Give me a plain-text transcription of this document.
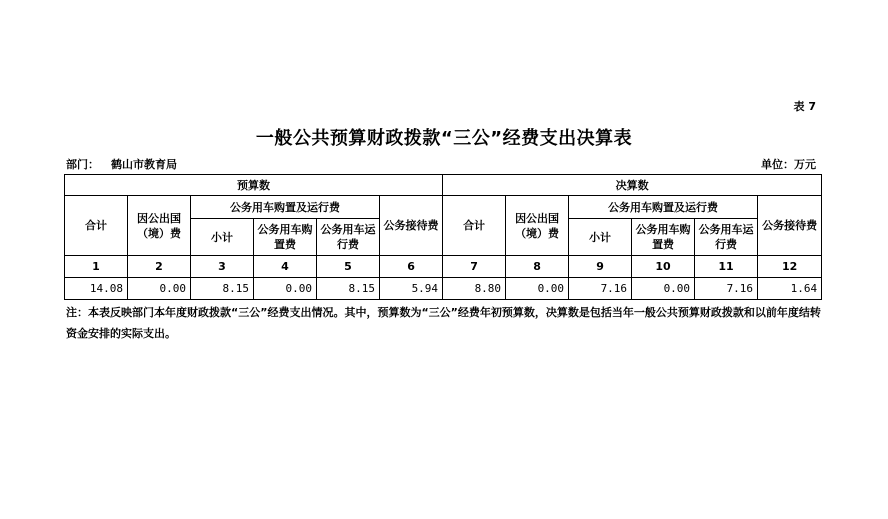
表 7
一般公共预算财政拨款“三公”经费支出决算表
部门： 鹤山市教育局	单位：万元
预算数						决算数					
合计	因公出国（境）费	公务用车购置及运行费			公务接待费	合计	因公出国（境）费	公务用车购置及运行费			公务接待费
		小计	公务用车购置费	公务用车运行费				小计	公务用车购置费	公务用车运行费	
1	2	3	4	5	6	7	8	9	10	11	12
14.08	0.00	8.15	0.00	8.15	5.94	8.80	0.00	7.16	0.00	7.16	1.64
注：本表反映部门本年度财政拨款“三公”经费支出情况。其中，预算数为“三公”经费年初预算数，决算数是包括当年一般公共预算财政拨款和以前年度结转资金安排的实际支出。
